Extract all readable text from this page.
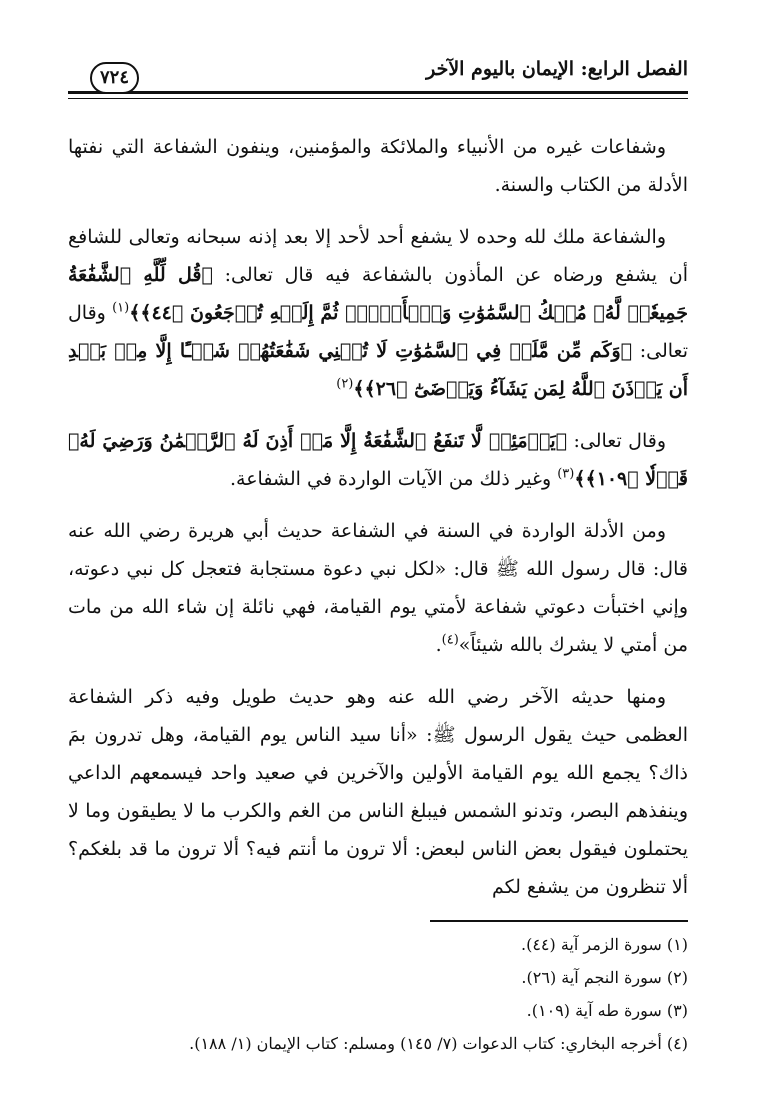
الفصل الرابع: الإيمان باليوم الآخر
٧٢٤

وشفاعات غيره من الأنبياء والملائكة والمؤمنين، وينفون الشفاعة التي نفتها الأدلة من الكتاب والسنة.

والشفاعة ملك لله وحده لا يشفع أحد لأحد إلا بعد إذنه سبحانه وتعالى للشافع أن يشفع ورضاه عن المأذون بالشفاعة فيه قال تعالى: ﴿قُل لِّلَّهِ ٱلشَّفَٰعَةُ جَمِيعٗاۖ لَّهُۥ مُلۡكُ ٱلسَّمَٰوَٰتِ وَٱلۡأَرۡضِۖ ثُمَّ إِلَيۡهِ تُرۡجَعُونَ ﴿٤٤﴾﴾$^{(١)}$ وقال تعالى: ﴿وَكَم مِّن مَّلَكٖ فِي ٱلسَّمَٰوَٰتِ لَا تُغۡنِي شَفَٰعَتُهُمۡ شَيۡـًٔا إِلَّا مِنۢ بَعۡدِ أَن يَأۡذَنَ ٱللَّهُ لِمَن يَشَآءُ وَيَرۡضَىٰٓ ﴿٢٦﴾﴾$^{(٢)}$

وقال تعالى: ﴿يَوۡمَئِذٖ لَّا تَنفَعُ ٱلشَّفَٰعَةُ إِلَّا مَنۡ أَذِنَ لَهُ ٱلرَّحۡمَٰنُ وَرَضِيَ لَهُۥ قَوۡلٗا ﴿١٠٩﴾﴾$^{(٣)}$ وغير ذلك من الآيات الواردة في الشفاعة.

ومن الأدلة الواردة في السنة في الشفاعة حديث أبي هريرة رضي الله عنه قال: قال رسول الله ﷺ قال: «لكل نبي دعوة مستجابة فتعجل كل نبي دعوته، وإني اختبأت دعوتي شفاعة لأمتي يوم القيامة، فهي نائلة إن شاء الله من مات من أمتي لا يشرك بالله شيئاً»$^{(٤)}$.

ومنها حديثه الآخر رضي الله عنه وهو حديث طويل وفيه ذكر الشفاعة العظمى حيث يقول الرسول ﷺ: «أنا سيد الناس يوم القيامة، وهل تدرون بمَ ذاك؟ يجمع الله يوم القيامة الأولين والآخرين في صعيد واحد فيسمعهم الداعي وينفذهم البصر، وتدنو الشمس فيبلغ الناس من الغم والكرب ما لا يطيقون وما لا يحتملون فيقول بعض الناس لبعض: ألا ترون ما أنتم فيه؟ ألا ترون ما قد بلغكم؟ ألا تنظرون من يشفع لكم

(١) سورة الزمر آية (٤٤).
(٢) سورة النجم آية (٢٦).
(٣) سورة طه آية (١٠٩).
(٤) أخرجه البخاري: كتاب الدعوات (٧/ ١٤٥) ومسلم: كتاب الإيمان (١/ ١٨٨).
